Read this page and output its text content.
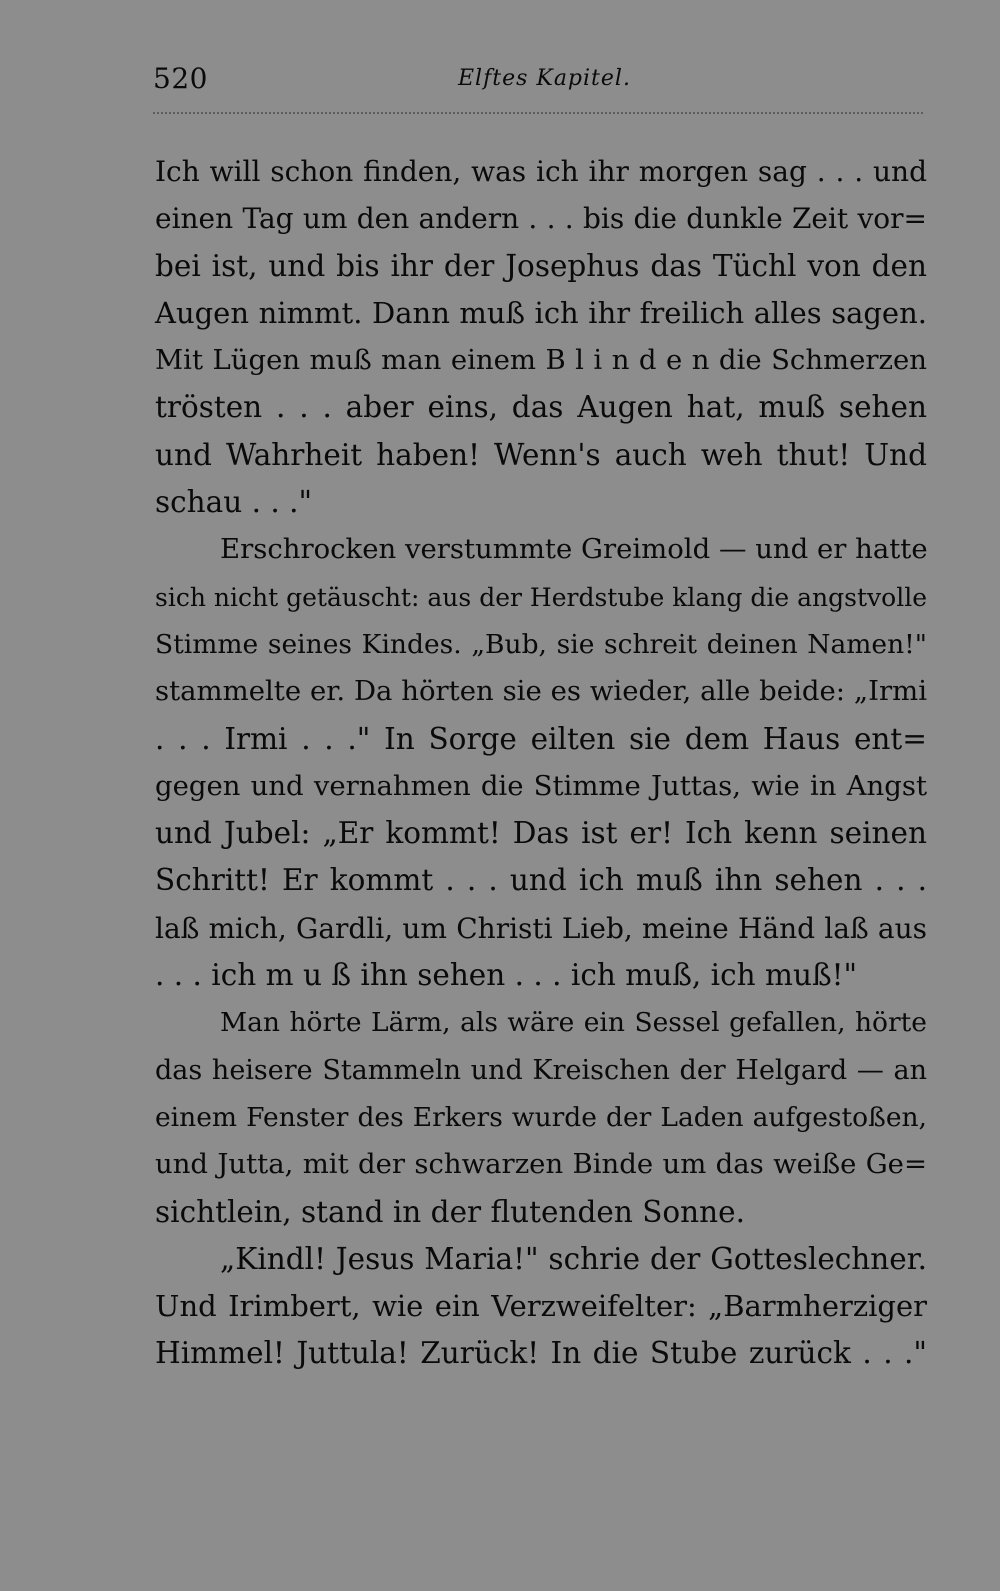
520	Elftes Kapitel.
Ich will schon finden, was ich ihr morgen sag . . . und
einen Tag um den andern . . . bis die dunkle Zeit vor=
bei ist, und bis ihr der Josephus das Tüchl von den
Augen nimmt. Dann muß ich ihr freilich alles sagen.
Mit Lügen muß man einem B l i n d e n die Schmerzen
trösten . . . aber eins, das Augen hat, muß sehen
und Wahrheit haben! Wenn's auch weh thut! Und
schau . . ."
Erschrocken verstummte Greimold — und er hatte
sich nicht getäuscht: aus der Herdstube klang die angstvolle
Stimme seines Kindes. „Bub, sie schreit deinen Namen!"
stammelte er. Da hörten sie es wieder, alle beide: „Irmi
. . . Irmi . . ." In Sorge eilten sie dem Haus ent=
gegen und vernahmen die Stimme Juttas, wie in Angst
und Jubel: „Er kommt! Das ist er! Ich kenn seinen
Schritt! Er kommt . . . und ich muß ihn sehen . . .
laß mich, Gardli, um Christi Lieb, meine Händ laß aus
. . . ich m u ß ihn sehen . . . ich muß, ich muß!"
Man hörte Lärm, als wäre ein Sessel gefallen, hörte
das heisere Stammeln und Kreischen der Helgard — an
einem Fenster des Erkers wurde der Laden aufgestoßen,
und Jutta, mit der schwarzen Binde um das weiße Ge=
sichtlein, stand in der flutenden Sonne.
„Kindl! Jesus Maria!" schrie der Gotteslechner.
Und Irimbert, wie ein Verzweifelter: „Barmherziger
Himmel! Juttula! Zurück! In die Stube zurück . . ."
